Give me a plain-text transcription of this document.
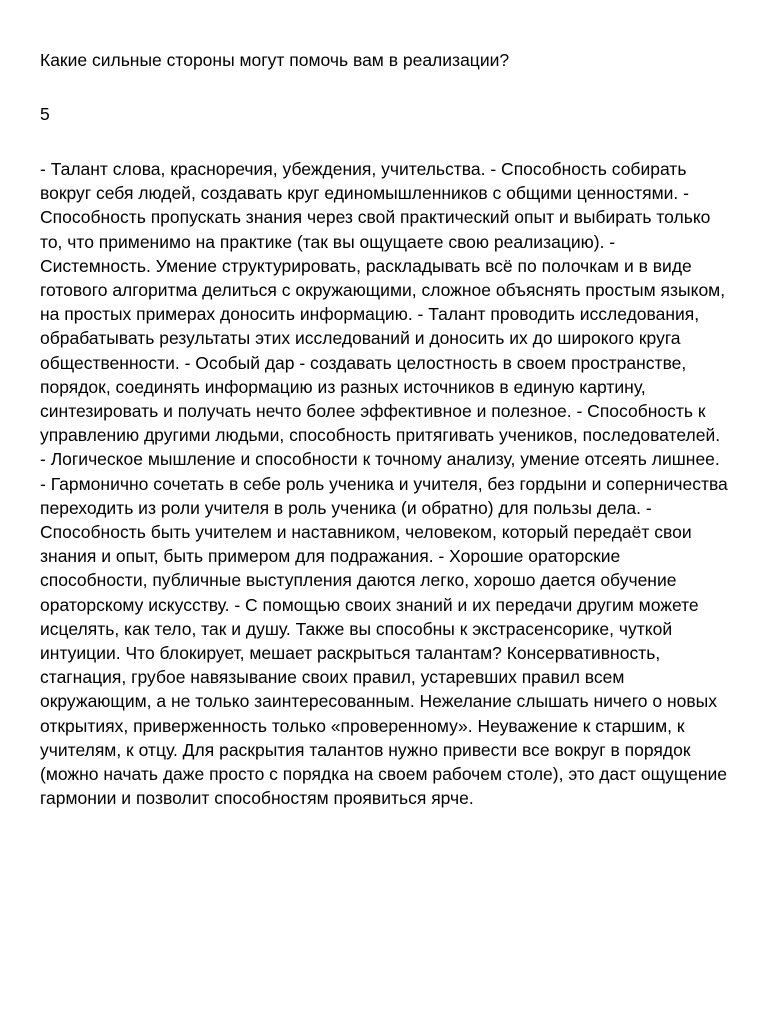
Какие сильные стороны могут помочь вам в реализации?

5

- Талант слова, красноречия, убеждения, учительства. - Способность собирать вокруг себя людей, создавать круг единомышленников с общими ценностями. - Способность пропускать знания через свой практический опыт и выбирать только то, что применимо на практике (так вы ощущаете свою реализацию). - Системность. Умение структурировать, раскладывать всё по полочкам и в виде готового алгоритма делиться с окружающими, сложное объяснять простым языком, на простых примерах доносить информацию. - Талант проводить исследования, обрабатывать результаты этих исследований и доносить их до широкого круга общественности. - Особый дар - создавать целостность в своем пространстве, порядок, соединять информацию из разных источников в единую картину, синтезировать и получать нечто более эффективное и полезное. - Способность к управлению другими людьми, способность притягивать учеников, последователей. - Логическое мышление и способности к точному анализу, умение отсеять лишнее. - Гармонично сочетать в себе роль ученика и учителя, без гордыни и соперничества переходить из роли учителя в роль ученика (и обратно) для пользы дела. - Способность быть учителем и наставником, человеком, который передаёт свои знания и опыт, быть примером для подражания. - Хорошие ораторские способности, публичные выступления даются легко, хорошо дается обучение ораторскому искусству. - С помощью своих знаний и их передачи другим можете исцелять, как тело, так и душу. Также вы способны к экстрасенсорике, чуткой интуиции. Что блокирует, мешает раскрыться талантам? Консервативность, стагнация, грубое навязывание своих правил, устаревших правил всем окружающим, а не только заинтересованным. Нежелание слышать ничего о новых открытиях, приверженность только «проверенному». Неуважение к старшим, к учителям, к отцу. Для раскрытия талантов нужно привести все вокруг в порядок (можно начать даже просто с порядка на своем рабочем столе), это даст ощущение гармонии и позволит способностям проявиться ярче.
